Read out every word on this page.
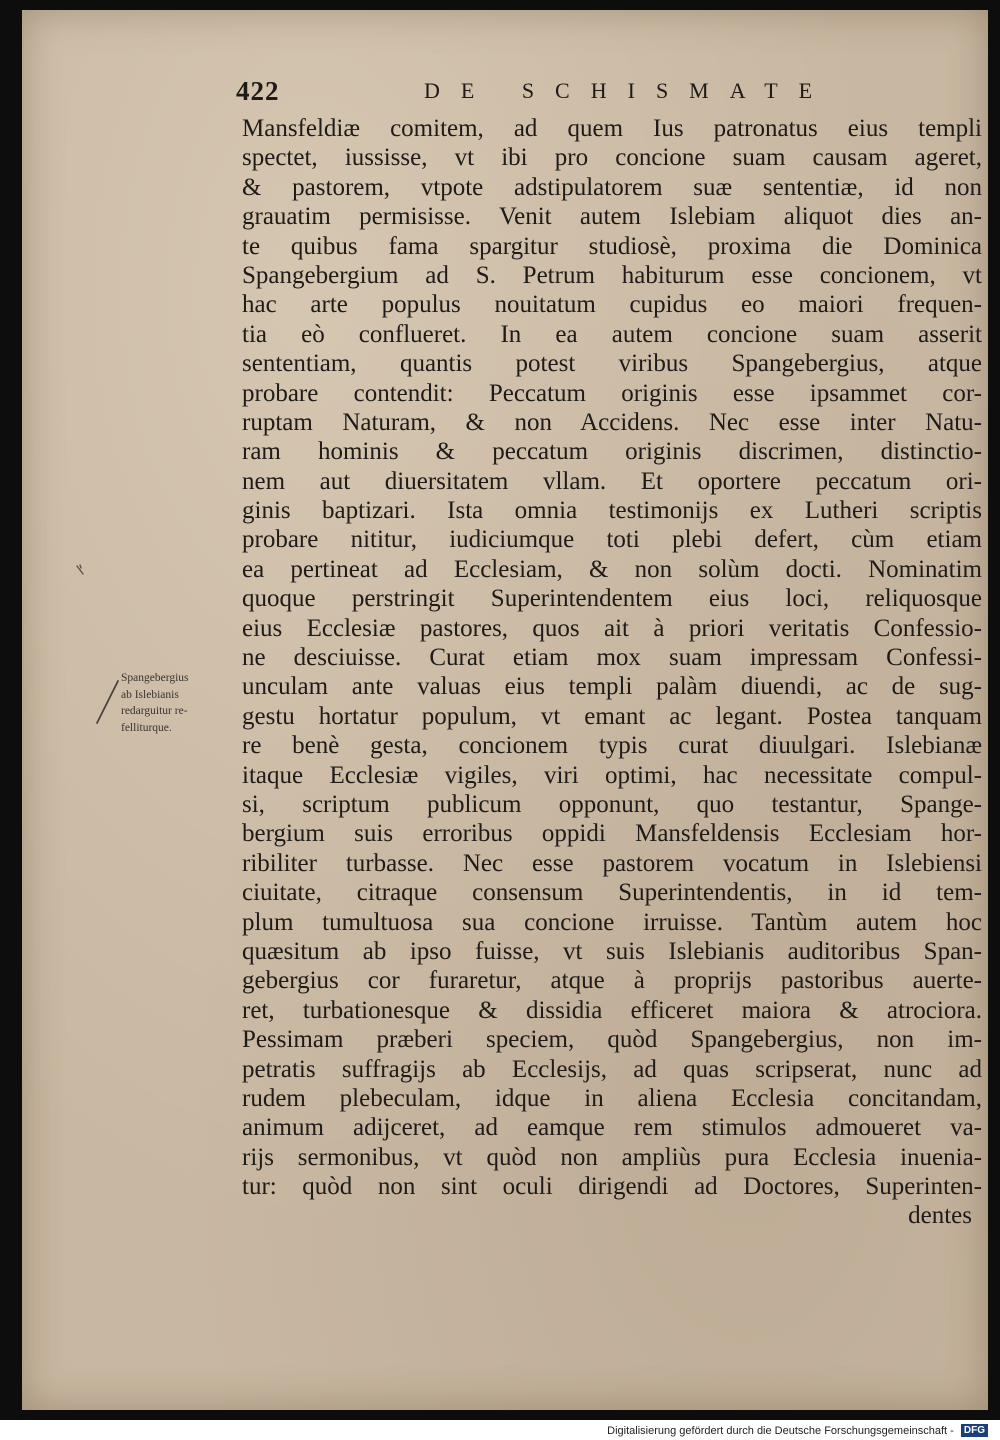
422	DE SCHISMATE
Spangebergius
ab Islebianis
redarguitur re-
felliturque.
Mansfeldiæ comitem, ad quem Ius patronatus eius templi
spectet, iussisse, vt ibi pro concione suam causam ageret,
& pastorem, vtpote adstipulatorem suæ sententiæ, id non
grauatim permisisse. Venit autem Islebiam aliquot dies an-
te quibus fama spargitur studiosè, proxima die Dominica
Spangebergium ad S. Petrum habiturum esse concionem, vt
hac arte populus nouitatum cupidus eo maiori frequen-
tia eò confluеret. In ea autem concione suam asserit
sententiam, quantis potest viribus Spangebergius, atque
probare contendit: Peccatum originis esse ipsammet cor-
ruptam Naturam, & non Accidens. Nec esse inter Natu-
ram hominis & peccatum originis discrimen, distinctio-
nem aut diuersitatem vllam. Et oportere peccatum ori-
ginis baptizari. Ista omnia testimonijs ex Lutheri scriptis
probare nititur, iudiciumque toti plebi defert, cùm etiam
ea pertineat ad Ecclesiam, & non solùm docti. Nominatim
quoque perstringit Superintendentem eius loci, reliquosque
eius Ecclesiæ pastores, quos ait à priori veritatis Confessio-
ne desciuisse. Curat etiam mox suam impressam Confessi-
unculam ante valuas eius templi palàm diuendi, ac de sug-
gestu hortatur populum, vt emant ac legant. Postea tanquam
re benè gesta, concionem typis curat diuulgari. Islebianæ
itaque Ecclesiæ vigiles, viri optimi, hac necessitate compul-
si, scriptum publicum opponunt, quo testantur, Spange-
bergium suis erroribus oppidi Mansfeldensis Ecclesiam hor-
ribiliter turbasse. Nec esse pastorem vocatum in Islebiensi
ciuitate, citraque consensum Superintendentis, in id tem-
plum tumultuosa sua concione irruisse. Tantùm autem hoc
quæsitum ab ipso fuisse, vt suis Islebianis auditoribus Span-
gebergius cor furaretur, atque à proprijs pastoribus auerte-
ret, turbationesque & dissidia efficeret maiora & atrociora.
Pessimam præberi speciem, quòd Spangebergius, non im-
petratis suffragijs ab Ecclesijs, ad quas scripserat, nunc ad
rudem plebeculam, idque in aliena Ecclesia concitandam,
animum adijceret, ad eamque rem stimulos admoueret va-
rijs sermonibus, vt quòd non ampliùs pura Ecclesia inuenia-
tur: quòd non sint oculi dirigendi ad Doctores, Superinten-
dentes
Digitalisierung gefördert durch die Deutsche Forschungsgemeinschaft - DFG
